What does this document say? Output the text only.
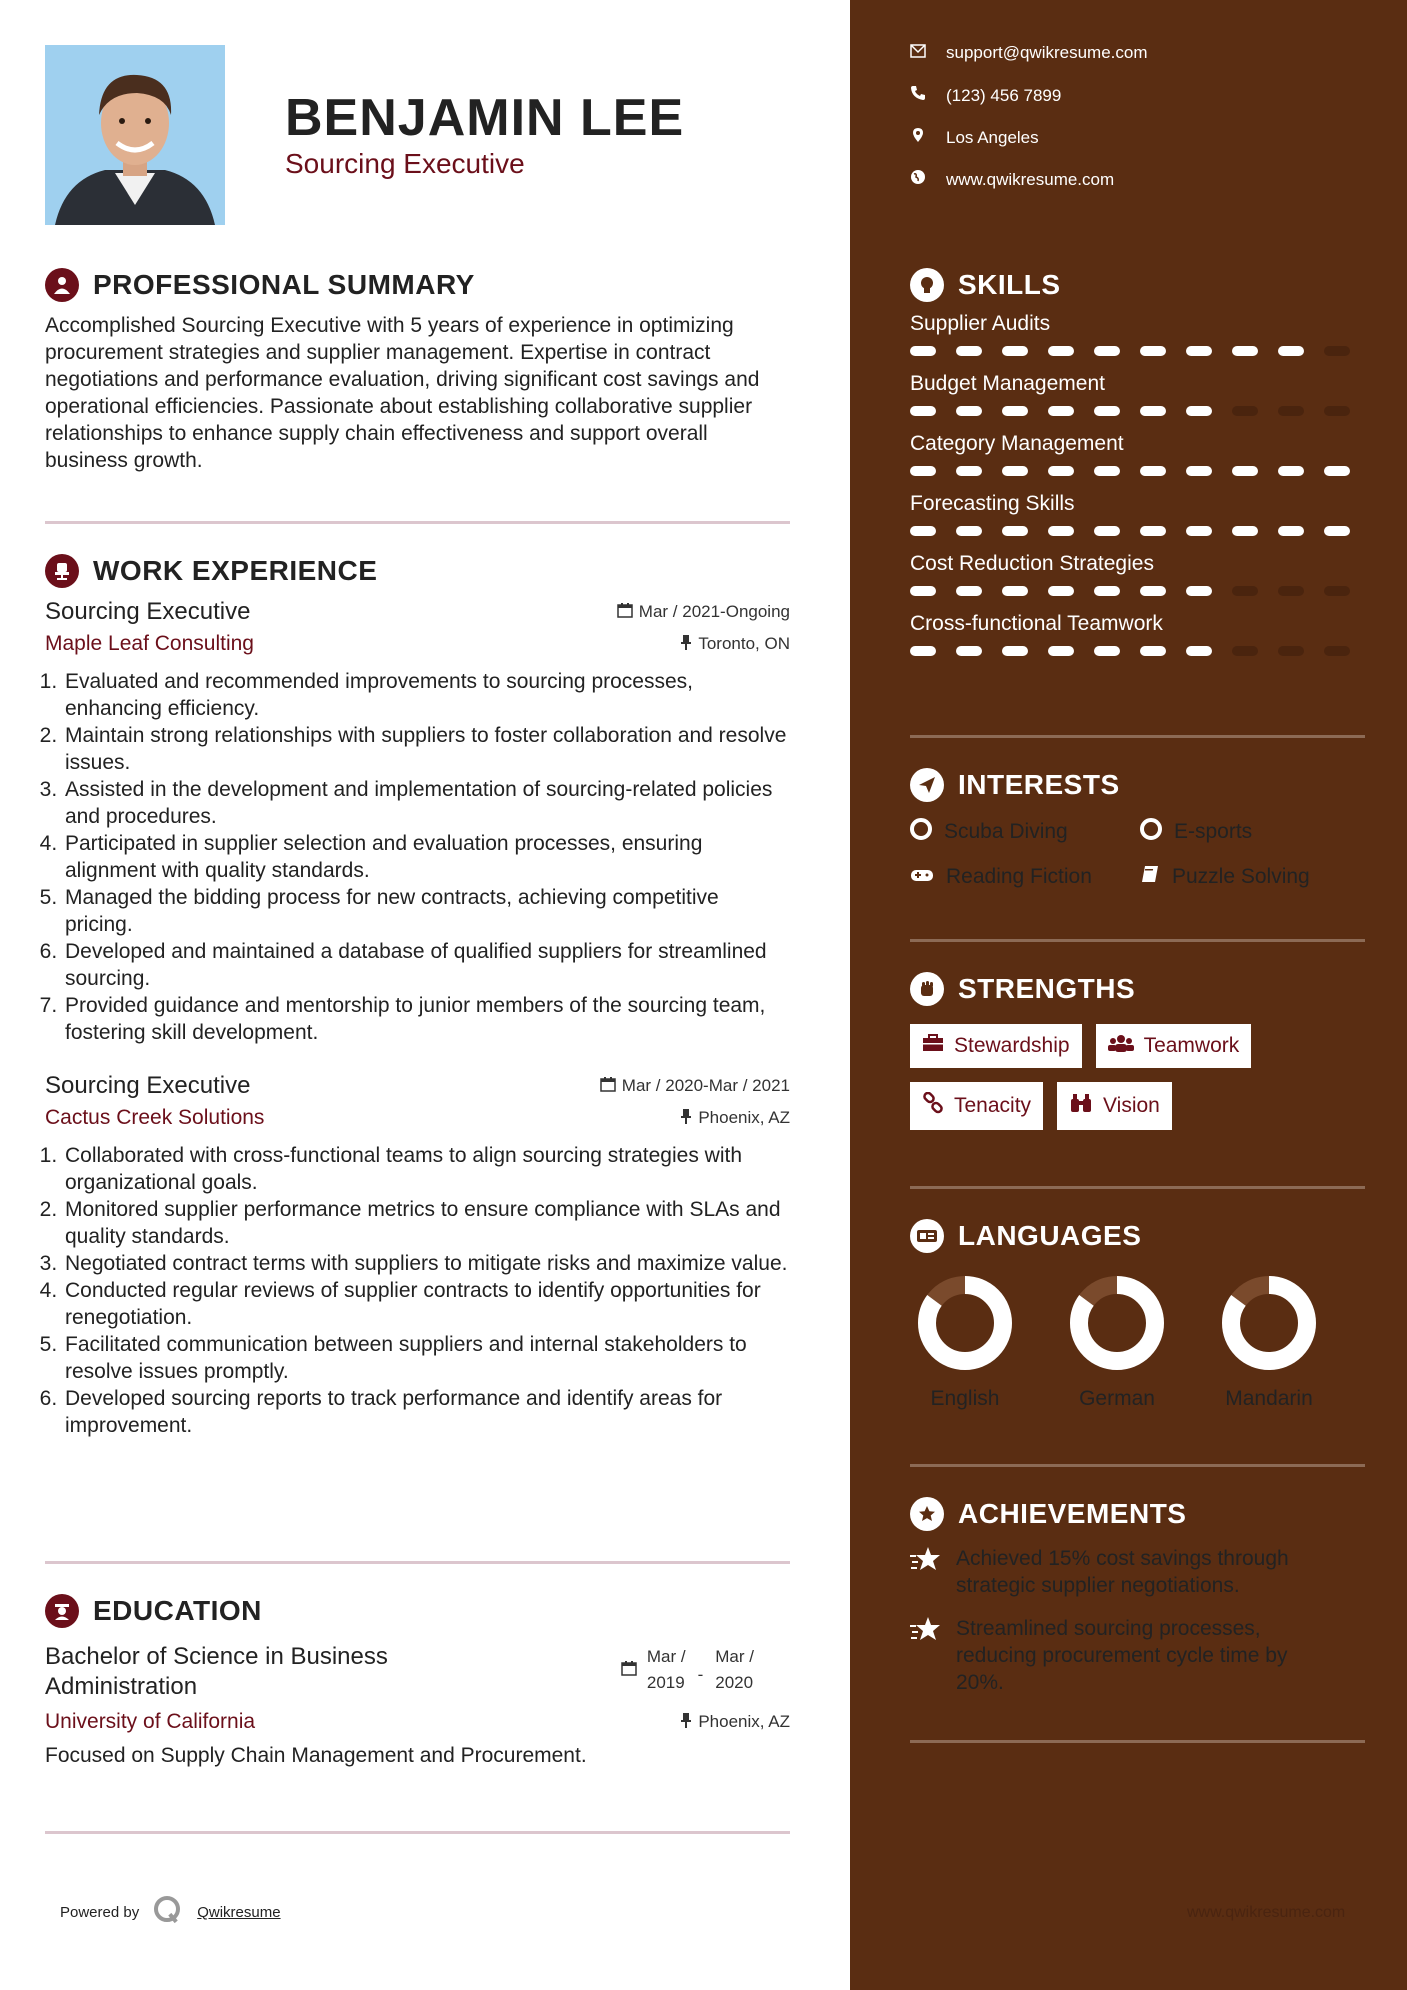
BENJAMIN LEE
Sourcing Executive
PROFESSIONAL SUMMARY
Accomplished Sourcing Executive with 5 years of experience in optimizing procurement strategies and supplier management. Expertise in contract negotiations and performance evaluation, driving significant cost savings and operational efficiencies. Passionate about establishing collaborative supplier relationships to enhance supply chain effectiveness and support overall business growth.
WORK EXPERIENCE
Sourcing Executive	Mar / 2021-Ongoing
Maple Leaf Consulting	Toronto, ON
1. Evaluated and recommended improvements to sourcing processes, enhancing efficiency.
2. Maintain strong relationships with suppliers to foster collaboration and resolve issues.
3. Assisted in the development and implementation of sourcing-related policies and procedures.
4. Participated in supplier selection and evaluation processes, ensuring alignment with quality standards.
5. Managed the bidding process for new contracts, achieving competitive pricing.
6. Developed and maintained a database of qualified suppliers for streamlined sourcing.
7. Provided guidance and mentorship to junior members of the sourcing team, fostering skill development.
Sourcing Executive	Mar / 2020-Mar / 2021
Cactus Creek Solutions	Phoenix, AZ
1. Collaborated with cross-functional teams to align sourcing strategies with organizational goals.
2. Monitored supplier performance metrics to ensure compliance with SLAs and quality standards.
3. Negotiated contract terms with suppliers to mitigate risks and maximize value.
4. Conducted regular reviews of supplier contracts to identify opportunities for renegotiation.
5. Facilitated communication between suppliers and internal stakeholders to resolve issues promptly.
6. Developed sourcing reports to track performance and identify areas for improvement.
EDUCATION
Bachelor of Science in Business
Administration
Mar /
2019 -
Mar /
2020
University of California	Phoenix, AZ
Focused on Supply Chain Management and Procurement.
Powered by	Qwikresume	www.qwikresume.com
support@qwikresume.com
(123) 456 7899
Los Angeles
www.qwikresume.com
SKILLS
Supplier Audits
Budget Management
Category Management
Forecasting Skills
Cost Reduction Strategies
Cross-functional Teamwork
INTERESTS
Scuba Diving	E-sports
Reading Fiction	Puzzle Solving
STRENGTHS
Stewardship	Teamwork
Tenacity	Vision
LANGUAGES
English	German	Mandarin
ACHIEVEMENTS
Achieved 15% cost savings through
strategic supplier negotiations.
Streamlined sourcing processes,
reducing procurement cycle time by
20%.
